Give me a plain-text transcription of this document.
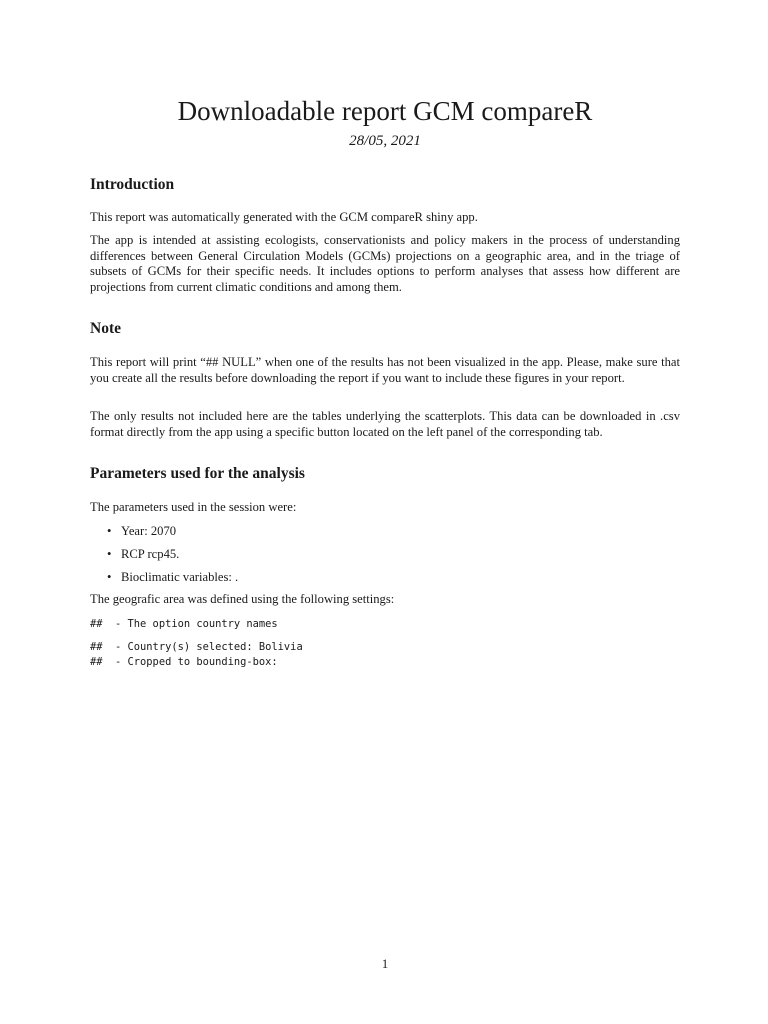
Downloadable report GCM compareR
28/05, 2021
Introduction

This report was automatically generated with the GCM compareR shiny app.

The app is intended at assisting ecologists, conservationists and policy makers in the process of understanding differences between General Circulation Models (GCMs) projections on a geographic area, and in the triage of subsets of GCMs for their specific needs. It includes options to perform analyses that assess how different are projections from current climatic conditions and among them.

Note

This report will print “## NULL” when one of the results has not been visualized in the app. Please, make sure that you create all the results before downloading the report if you want to include these figures in your report.

The only results not included here are the tables underlying the scatterplots. This data can be downloaded in .csv format directly from the app using a specific button located on the left panel of the corresponding tab.

Parameters used for the analysis

The parameters used in the session were:

• Year: 2070
• RCP rcp45.
• Bioclimatic variables: .

The geografic area was defined using the following settings:

##  - The option country names
##  - Country(s) selected: Bolivia
##  - Cropped to bounding-box:
1
